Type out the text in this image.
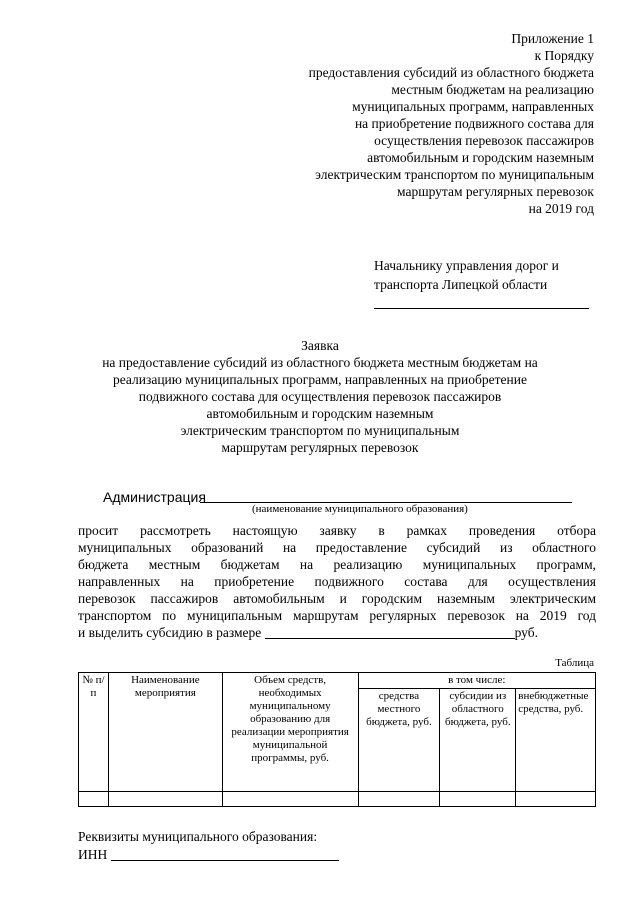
Приложение 1
к Порядку
предоставления субсидий из областного бюджета
местным бюджетам на реализацию
муниципальных программ, направленных
на приобретение подвижного состава для
осуществления перевозок пассажиров
автомобильным и городским наземным
электрическим транспортом по муниципальным
маршрутам регулярных перевозок
на 2019 год
Начальнику управления дорог и
транспорта Липецкой области
Заявка
на предоставление субсидий из областного бюджета местным бюджетам на
реализацию муниципальных программ, направленных на приобретение
подвижного состава для осуществления перевозок пассажиров
автомобильным и городским наземным
электрическим транспортом по муниципальным
маршрутам регулярных перевозок
Администрация
(наименование муниципального образования)
просит рассмотреть настоящую заявку в рамках проведения отбора
муниципальных образований на предоставление субсидий из областного
бюджета местным бюджетам на реализацию муниципальных программ,
направленных на приобретение подвижного состава для осуществления
перевозок пассажиров автомобильным и городским наземным электрическим
транспортом по муниципальным маршрутам регулярных перевозок на 2019 год
и выделить субсидию в размере	руб.
Таблица
№ п/п	Наименование мероприятия	Объем средств, необходимых муниципальному образованию для реализации мероприятия муниципальной программы, руб.	в том числе:		
			средства местного бюджета, руб.	субсидии из областного бюджета, руб.	внебюджетные средства, руб.

Реквизиты муниципального образования:
ИНН
